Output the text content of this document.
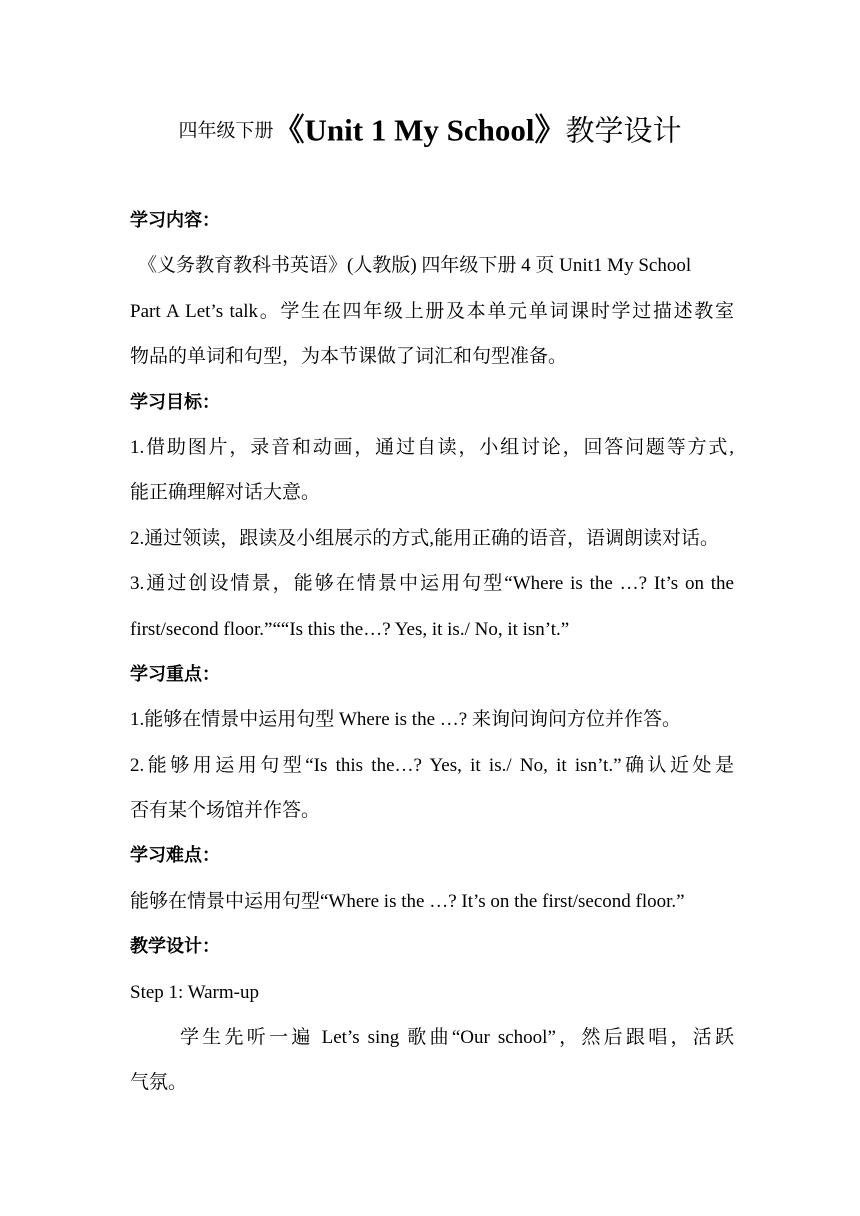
四年级下册《Unit 1 My School》教学设计
学习内容：
《义务教育教科书英语》(人教版) 四年级下册 4 页 Unit1 My School
Part A Let’s talk。学生在四年级上册及本单元单词课时学过描述教室
物品的单词和句型，为本节课做了词汇和句型准备。
学习目标：
1.借助图片，录音和动画，通过自读，小组讨论，回答问题等方式,
能正确理解对话大意。
2.通过领读，跟读及小组展示的方式,能用正确的语音，语调朗读对话。
3.通过创设情景，能够在情景中运用句型“Where is the …? It’s on the
first/second floor.”““Is this the…? Yes, it is./ No, it isn’t.”
学习重点：
1.能够在情景中运用句型 Where is the …? 来询问询问方位并作答。
2.能够用运用句型“Is this the…? Yes, it is./ No, it isn’t.”确认近处是
否有某个场馆并作答。
学习难点：
能够在情景中运用句型“Where is the …? It’s on the first/second floor.”
教学设计：
Step 1: Warm-up
学生先听一遍 Let’s sing 歌曲“Our school”，然后跟唱，活跃
气氛。
